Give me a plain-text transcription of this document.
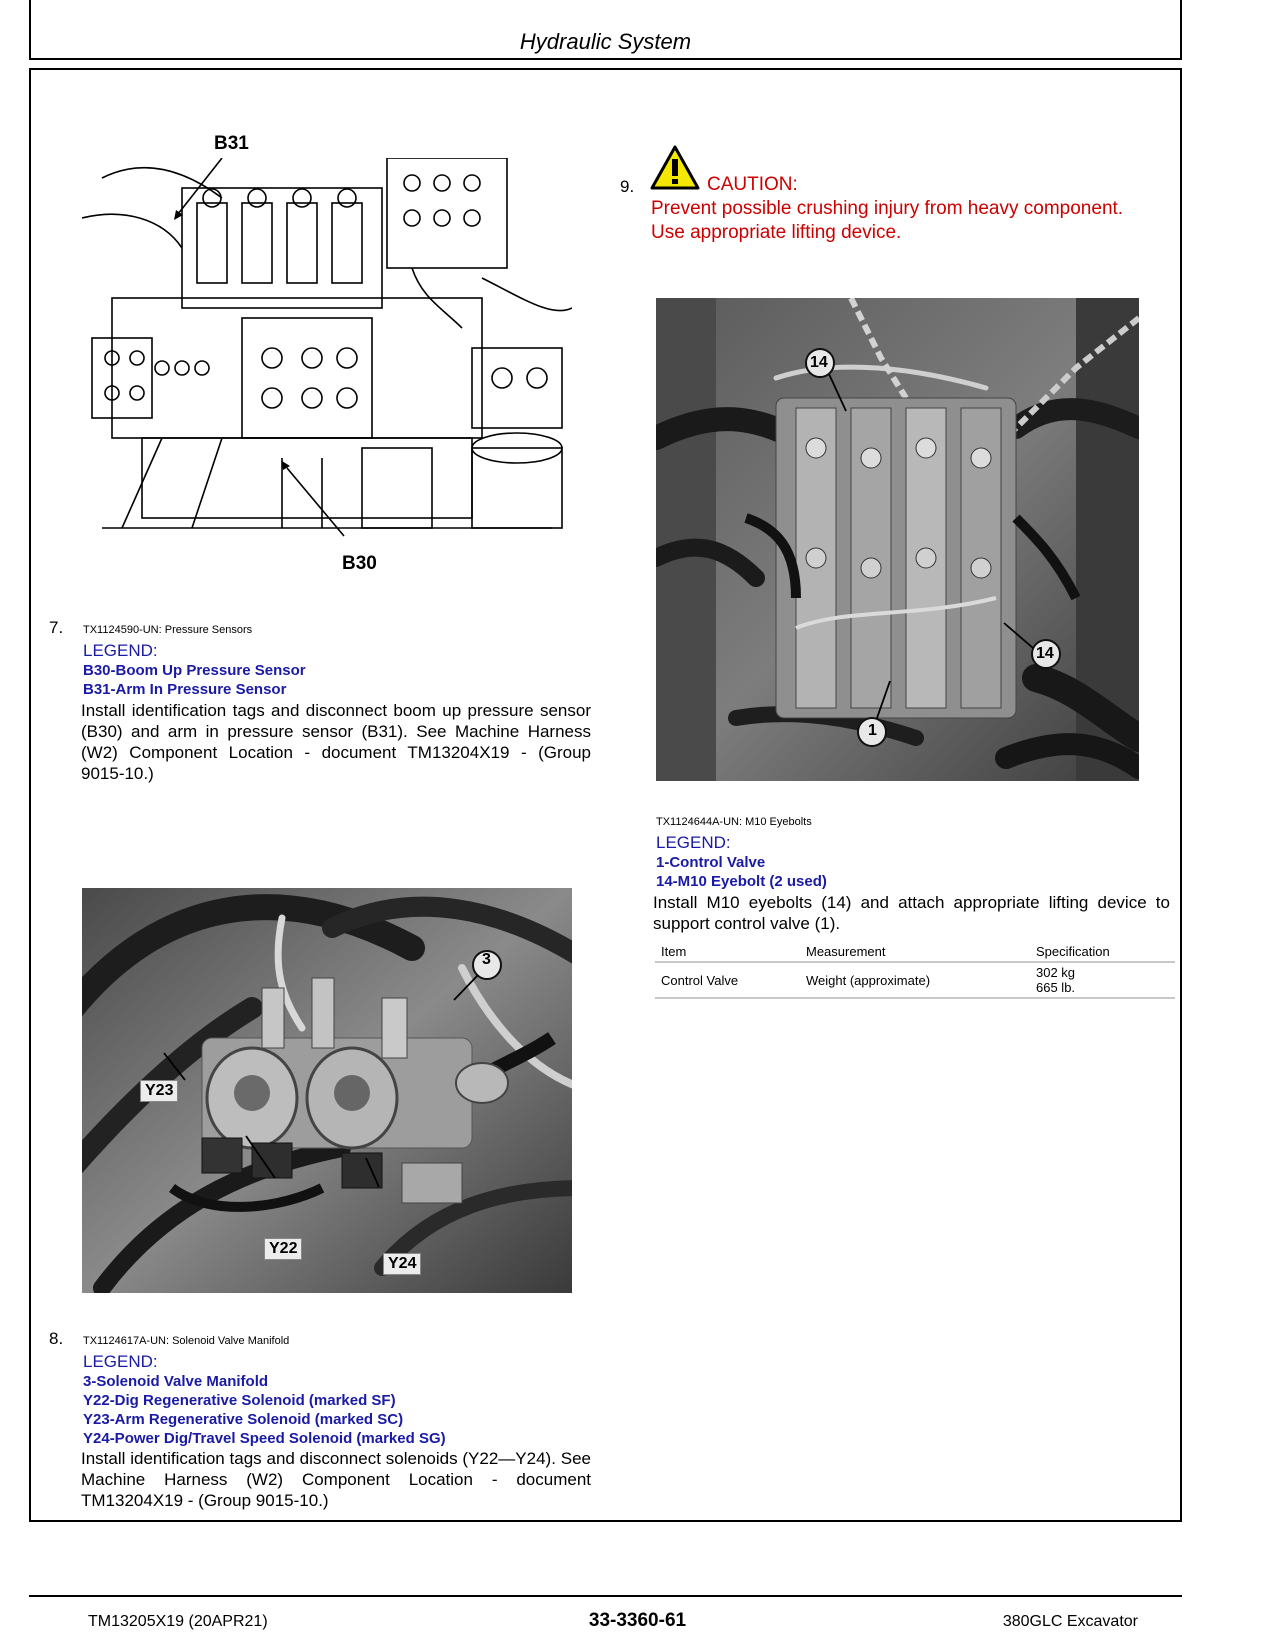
Hydraulic System
B31
B30
7. TX1124590-UN: Pressure Sensors
LEGEND:
B30-Boom Up Pressure Sensor
B31-Arm In Pressure Sensor
Install identification tags and disconnect boom up pressure sensor (B30) and arm in pressure sensor (B31). See Machine Harness (W2) Component Location - document TM13204X19 - (Group 9015-10.)
3
Y23
Y22
Y24
8. TX1124617A-UN: Solenoid Valve Manifold
LEGEND:
3-Solenoid Valve Manifold
Y22-Dig Regenerative Solenoid (marked SF)
Y23-Arm Regenerative Solenoid (marked SC)
Y24-Power Dig/Travel Speed Solenoid (marked SG)
Install identification tags and disconnect solenoids (Y22—Y24). See Machine Harness (W2) Component Location - document TM13204X19 - (Group 9015-10.)
9.	CAUTION:
Prevent possible crushing injury from heavy component.
Use appropriate lifting device.
14
14
1
TX1124644A-UN: M10 Eyebolts
LEGEND:
1-Control Valve
14-M10 Eyebolt (2 used)
Install M10 eyebolts (14) and attach appropriate lifting device to support control valve (1).
Item	Measurement	Specification
Control Valve	Weight (approximate)	302 kg
665 lb.
TM13205X19 (20APR21)	33-3360-61	380GLC Excavator
